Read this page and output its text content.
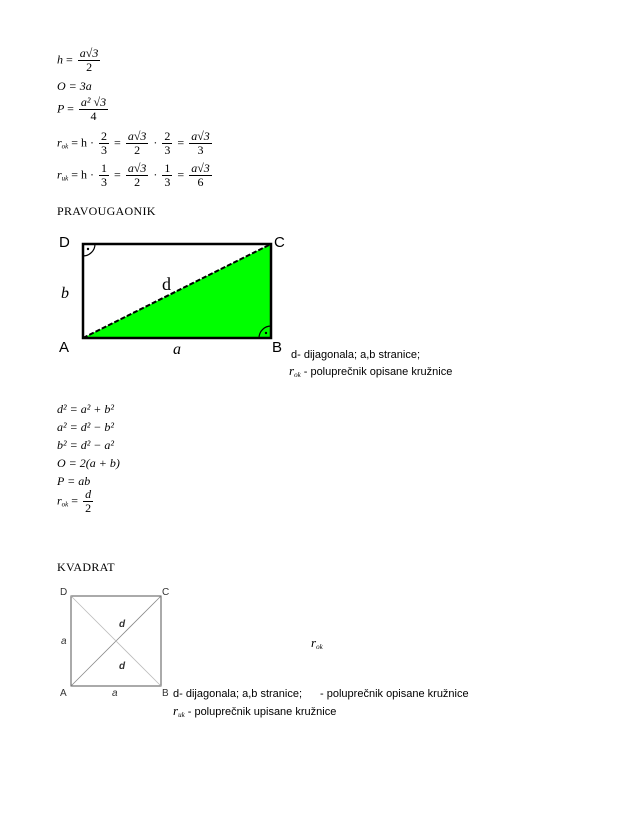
$h = \frac{a√3}{2}$
O = 3a
$P = \frac{\text{a² √3}}{4}$
$r_{ok} = h \cdot \frac{2}{3} = \frac{a√3}{2} \cdot \frac{2}{3} = \frac{a√3}{3}$
$r_{uk} = h \cdot \frac{1}{3} = \frac{a√3}{2} \cdot \frac{1}{3} = \frac{a√3}{6}$
PRAVOUGAONIK
D	C
A	B
b
a
d
d- dijagonala; a,b stranice;
$r_{ok}$ - poluprečnik opisane kružnice
d² = a² + b²
a² = d² − b²
b² = d² − a²
O = 2(a + b)
P = ab
$r_{ok} = \frac{d}{2}$
KVADRAT
D	C
A	B
a
a
d
d
$r_{ok}$
d- dijagonala; a,b stranice; - poluprečnik opisane kružnice
$r_{uk}$ - poluprečnik upisane kružnice
